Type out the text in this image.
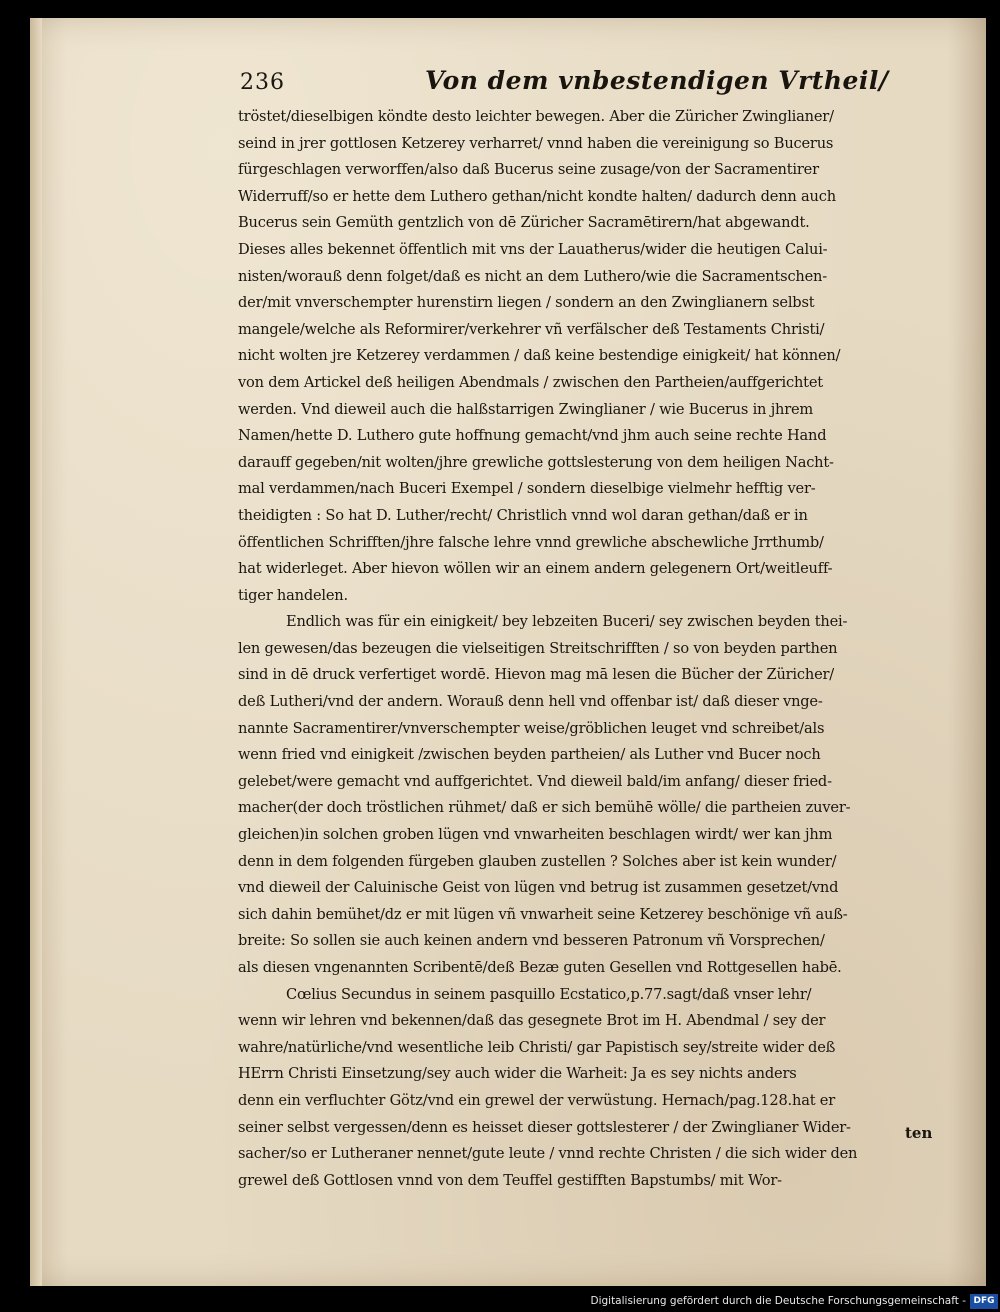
236	Von dem vnbestendigen Vrtheil/
tröstet/dieselbigen köndte desto leichter bewegen. Aber die Züricher Zwinglianer/
seind in jrer gottlosen Ketzerey verharret/ vnnd haben die vereinigung so Bucerus
fürgeschlagen verworffen/also daß Bucerus seine zusage/von der Sacramentirer
Widerruff/so er hette dem Luthero gethan/nicht kondte halten/ dadurch denn auch
Bucerus sein Gemüth gentzlich von dē Züricher Sacramētirern/hat abgewandt.
Dieses alles bekennet öffentlich mit vns der Lauatherus/wider die heutigen Calui-
nisten/worauß denn folget/daß es nicht an dem Luthero/wie die Sacramentschen-
der/mit vnverschempter hurenstirn liegen / sondern an den Zwinglianern selbst
mangele/welche als Reformirer/verkehrer vñ verfälscher deß Testaments Christi/
nicht wolten jre Ketzerey verdammen / daß keine bestendige einigkeit/ hat können/
von dem Artickel deß heiligen Abendmals / zwischen den Partheien/auffgerichtet
werden. Vnd dieweil auch die halßstarrigen Zwinglianer / wie Bucerus in jhrem
Namen/hette D. Luthero gute hoffnung gemacht/vnd jhm auch seine rechte Hand
darauff gegeben/nit wolten/jhre grewliche gottslesterung von dem heiligen Nacht-
mal verdammen/nach Buceri Exempel / sondern dieselbige vielmehr hefftig ver-
theidigten : So hat D. Luther/recht/ Christlich vnnd wol daran gethan/daß er in
öffentlichen Schrifften/jhre falsche lehre vnnd grewliche abschewliche Jrrthumb/
hat widerleget. Aber hievon wöllen wir an einem andern gelegenern Ort/weitleuff-
tiger handelen.
Endlich was für ein einigkeit/ bey lebzeiten Buceri/ sey zwischen beyden thei-
len gewesen/das bezeugen die vielseitigen Streitschrifften / so von beyden parthen
sind in dē druck verfertiget wordē. Hievon mag mā lesen die Bücher der Züricher/
deß Lutheri/vnd der andern. Worauß denn hell vnd offenbar ist/ daß dieser vnge-
nannte Sacramentirer/vnverschempter weise/gröblichen leuget vnd schreibet/als
wenn fried vnd einigkeit /zwischen beyden partheien/ als Luther vnd Bucer noch
gelebet/were gemacht vnd auffgerichtet. Vnd dieweil bald/im anfang/ dieser fried-
macher(der doch tröstlichen rühmet/ daß er sich bemühē wölle/ die partheien zuver-
gleichen)in solchen groben lügen vnd vnwarheiten beschlagen wirdt/ wer kan jhm
denn in dem folgenden fürgeben glauben zustellen ? Solches aber ist kein wunder/
vnd dieweil der Caluinische Geist von lügen vnd betrug ist zusammen gesetzet/vnd
sich dahin bemühet/dz er mit lügen vñ vnwarheit seine Ketzerey beschönige vñ auß-
breite: So sollen sie auch keinen andern vnd besseren Patronum vñ Vorsprechen/
als diesen vngenannten Scribentē/deß Bezæ guten Gesellen vnd Rottgesellen habē.
Cœlius Secundus in seinem pasquillo Ecstatico,p.77.sagt/daß vnser lehr/
wenn wir lehren vnd bekennen/daß das gesegnete Brot im H. Abendmal / sey der
wahre/natürliche/vnd wesentliche leib Christi/ gar Papistisch sey/streite wider deß
HErrn Christi Einsetzung/sey auch wider die Warheit: Ja es sey nichts anders
denn ein verfluchter Götz/vnd ein grewel der verwüstung. Hernach/pag.128.hat er
seiner selbst vergessen/denn es heisset dieser gottslesterer / der Zwinglianer Wider-
sacher/so er Lutheraner nennet/gute leute / vnnd rechte Christen / die sich wider den
grewel deß Gottlosen vnnd von dem Teuffel gestifften Bapstumbs/ mit Wor-
ten
Digitalisierung gefördert durch die Deutsche Forschungsgemeinschaft - DFG
